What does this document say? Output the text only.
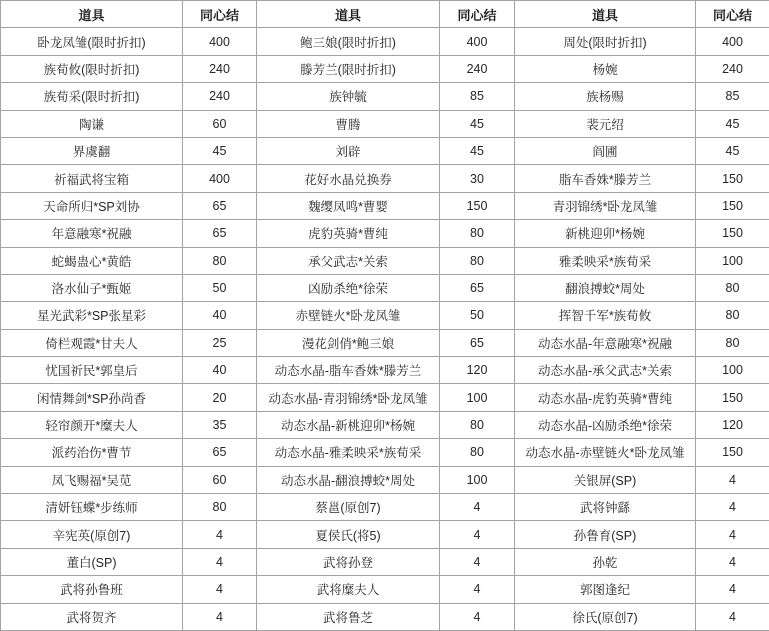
道具	同心结	道具	同心结	道具	同心结
卧龙凤雏(限时折扣)	400	鲍三娘(限时折扣)	400	周处(限时折扣)	400
族荀攸(限时折扣)	240	滕芳兰(限时折扣)	240	杨婉	240
族荀采(限时折扣)	240	族钟毓	85	族杨赐	85
陶谦	60	曹腾	45	裴元绍	45
界虞翻	45	刘辟	45	阎圃	45
祈福武将宝箱	400	花好水晶兑换券	30	脂车香姝*滕芳兰	150
天命所归*SP刘协	65	魏缨凤鸣*曹婴	150	青羽锦绣*卧龙凤雏	150
年意融寒*祝融	65	虎豹英骑*曹纯	80	新桃迎卯*杨婉	150
蛇蝎蛊心*黄皓	80	承父武志*关索	80	雅柔映采*族荀采	100
洛水仙子*甄姬	50	凶励杀绝*徐荣	65	翻浪搏蛟*周处	80
星光武彩*SP张星彩	40	赤壁链火*卧龙凤雏	50	挥智千军*族荀攸	80
倚栏观霞*甘夫人	25	漫花剑俏*鲍三娘	65	动态水晶-年意融寒*祝融	80
忧国祈民*郭皇后	40	动态水晶-脂车香姝*滕芳兰	120	动态水晶-承父武志*关索	100
闲情舞剑*SP孙尚香	20	动态水晶-青羽锦绣*卧龙凤雏	100	动态水晶-虎豹英骑*曹纯	150
轻帘颜开*糜夫人	35	动态水晶-新桃迎卯*杨婉	80	动态水晶-凶励杀绝*徐荣	120
派药治伤*曹节	65	动态水晶-雅柔映采*族荀采	80	动态水晶-赤壁链火*卧龙凤雏	150
凤飞赐福*吴苋	60	动态水晶-翻浪搏蛟*周处	100	关银屏(SP)	4
清妍钰蝶*步练师	80	蔡邕(原创7)	4	武将钟繇	4
辛宪英(原创7)	4	夏侯氏(将5)	4	孙鲁育(SP)	4
董白(SP)	4	武将孙登	4	孙乾	4
武将孙鲁班	4	武将糜夫人	4	郭图逢纪	4
武将贺齐	4	武将鲁芝	4	徐氏(原创7)	4
